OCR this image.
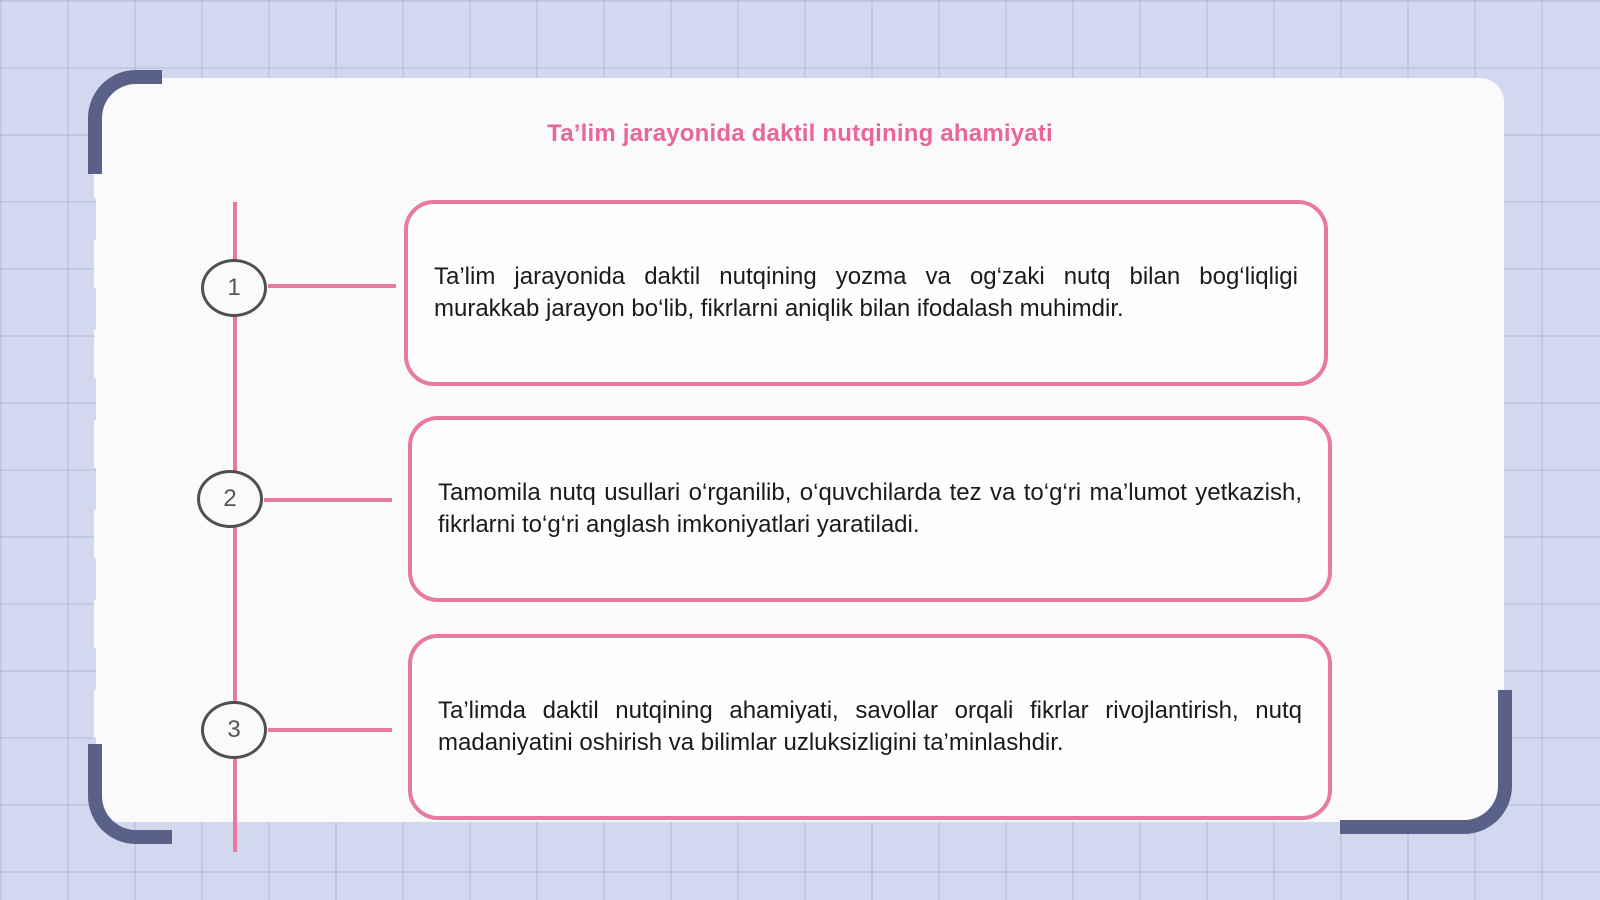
Ta’lim jarayonida daktil nutqining ahamiyati
1
2
3

Ta’lim jarayonida daktil nutqining yozma va og‘zaki nutq bilan bog‘liqligi murakkab jarayon bo‘lib, fikrlarni aniqlik bilan ifodalash muhimdir.

Tamomila nutq usullari o‘rganilib, o‘quvchilarda tez va to‘g‘ri ma’lumot yetkazish, fikrlarni to‘g‘ri anglash imkoniyatlari yaratiladi.

Ta’limda daktil nutqining ahamiyati, savollar orqali fikrlar rivojlantirish, nutq madaniyatini oshirish va bilimlar uzluksizligini ta’minlashdir.
